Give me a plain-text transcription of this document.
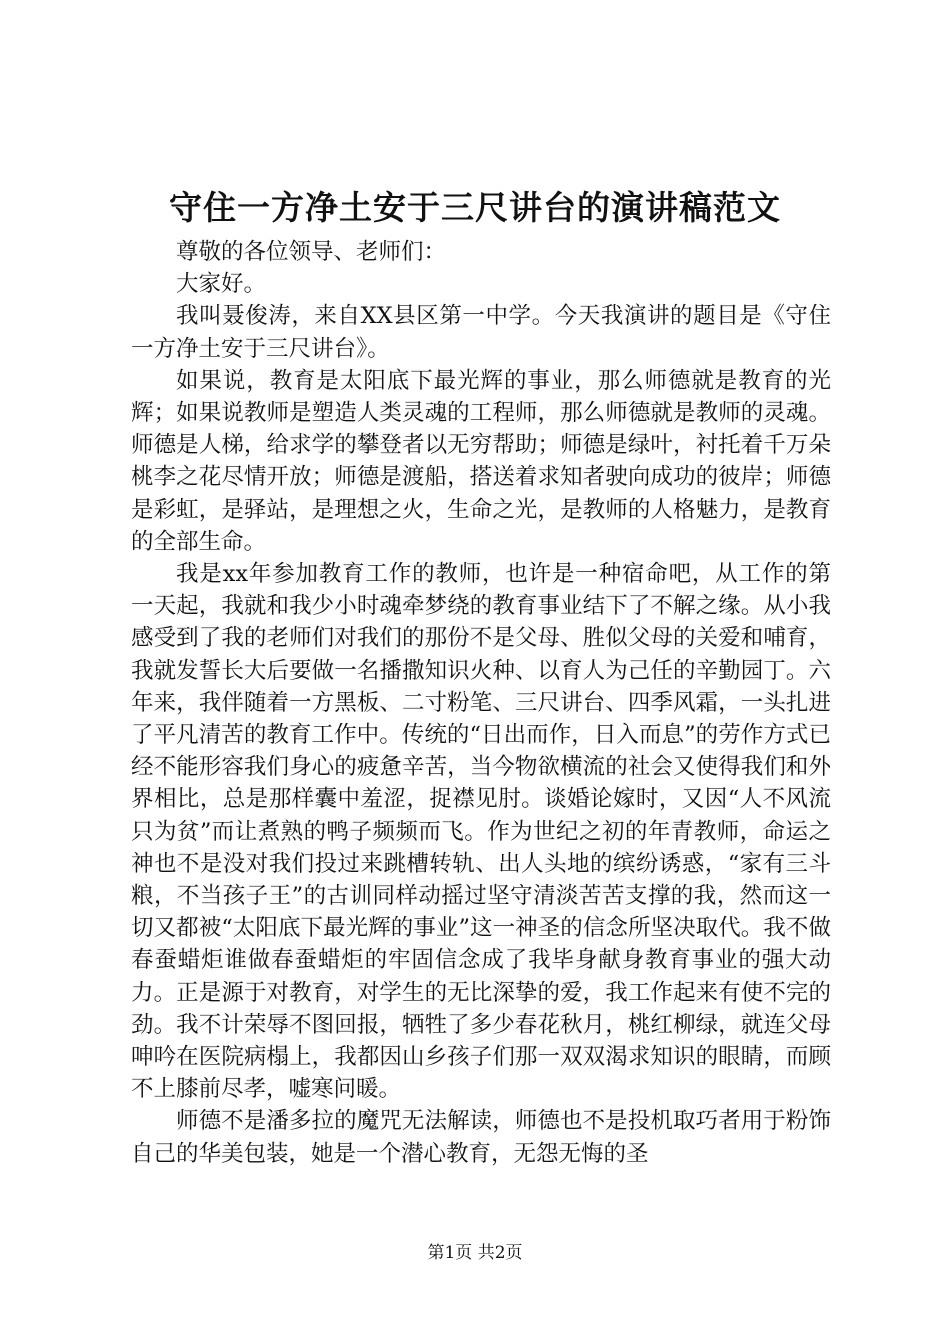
守住一方净土安于三尺讲台的演讲稿范文

尊敬的各位领导、老师们：

大家好。

我叫聂俊涛，来自XX县区第一中学。今天我演讲的题目是《守住一方净土安于三尺讲台》。

如果说，教育是太阳底下最光辉的事业，那么师德就是教育的光辉；如果说教师是塑造人类灵魂的工程师，那么师德就是教师的灵魂。师德是人梯，给求学的攀登者以无穷帮助；师德是绿叶，衬托着千万朵桃李之花尽情开放；师德是渡船，搭送着求知者驶向成功的彼岸；师德是彩虹，是驿站，是理想之火，生命之光，是教师的人格魅力，是教育的全部生命。

我是xx年参加教育工作的教师，也许是一种宿命吧，从工作的第一天起，我就和我少小时魂牵梦绕的教育事业结下了不解之缘。从小我感受到了我的老师们对我们的那份不是父母、胜似父母的关爱和哺育，我就发誓长大后要做一名播撒知识火种、以育人为己任的辛勤园丁。六年来，我伴随着一方黑板、二寸粉笔、三尺讲台、四季风霜，一头扎进了平凡清苦的教育工作中。传统的“日出而作，日入而息”的劳作方式已经不能形容我们身心的疲惫辛苦，当今物欲横流的社会又使得我们和外界相比，总是那样囊中羞涩，捉襟见肘。谈婚论嫁时，又因“人不风流只为贫”而让煮熟的鸭子频频而飞。作为世纪之初的年青教师，命运之神也不是没对我们投过来跳槽转轨、出人头地的缤纷诱惑，“家有三斗粮，不当孩子王”的古训同样动摇过坚守清淡苦苦支撑的我，然而这一切又都被“太阳底下最光辉的事业”这一神圣的信念所坚决取代。我不做春蚕蜡炬谁做春蚕蜡炬的牢固信念成了我毕身献身教育事业的强大动力。正是源于对教育，对学生的无比深挚的爱，我工作起来有使不完的劲。我不计荣辱不图回报，牺牲了多少春花秋月，桃红柳绿，就连父母呻吟在医院病榻上，我都因山乡孩子们那一双双渴求知识的眼睛，而顾不上膝前尽孝，嘘寒问暖。

师德不是潘多拉的魔咒无法解读，师德也不是投机取巧者用于粉饰自己的华美包装，她是一个潜心教育，无怨无悔的圣

第1页 共2页
